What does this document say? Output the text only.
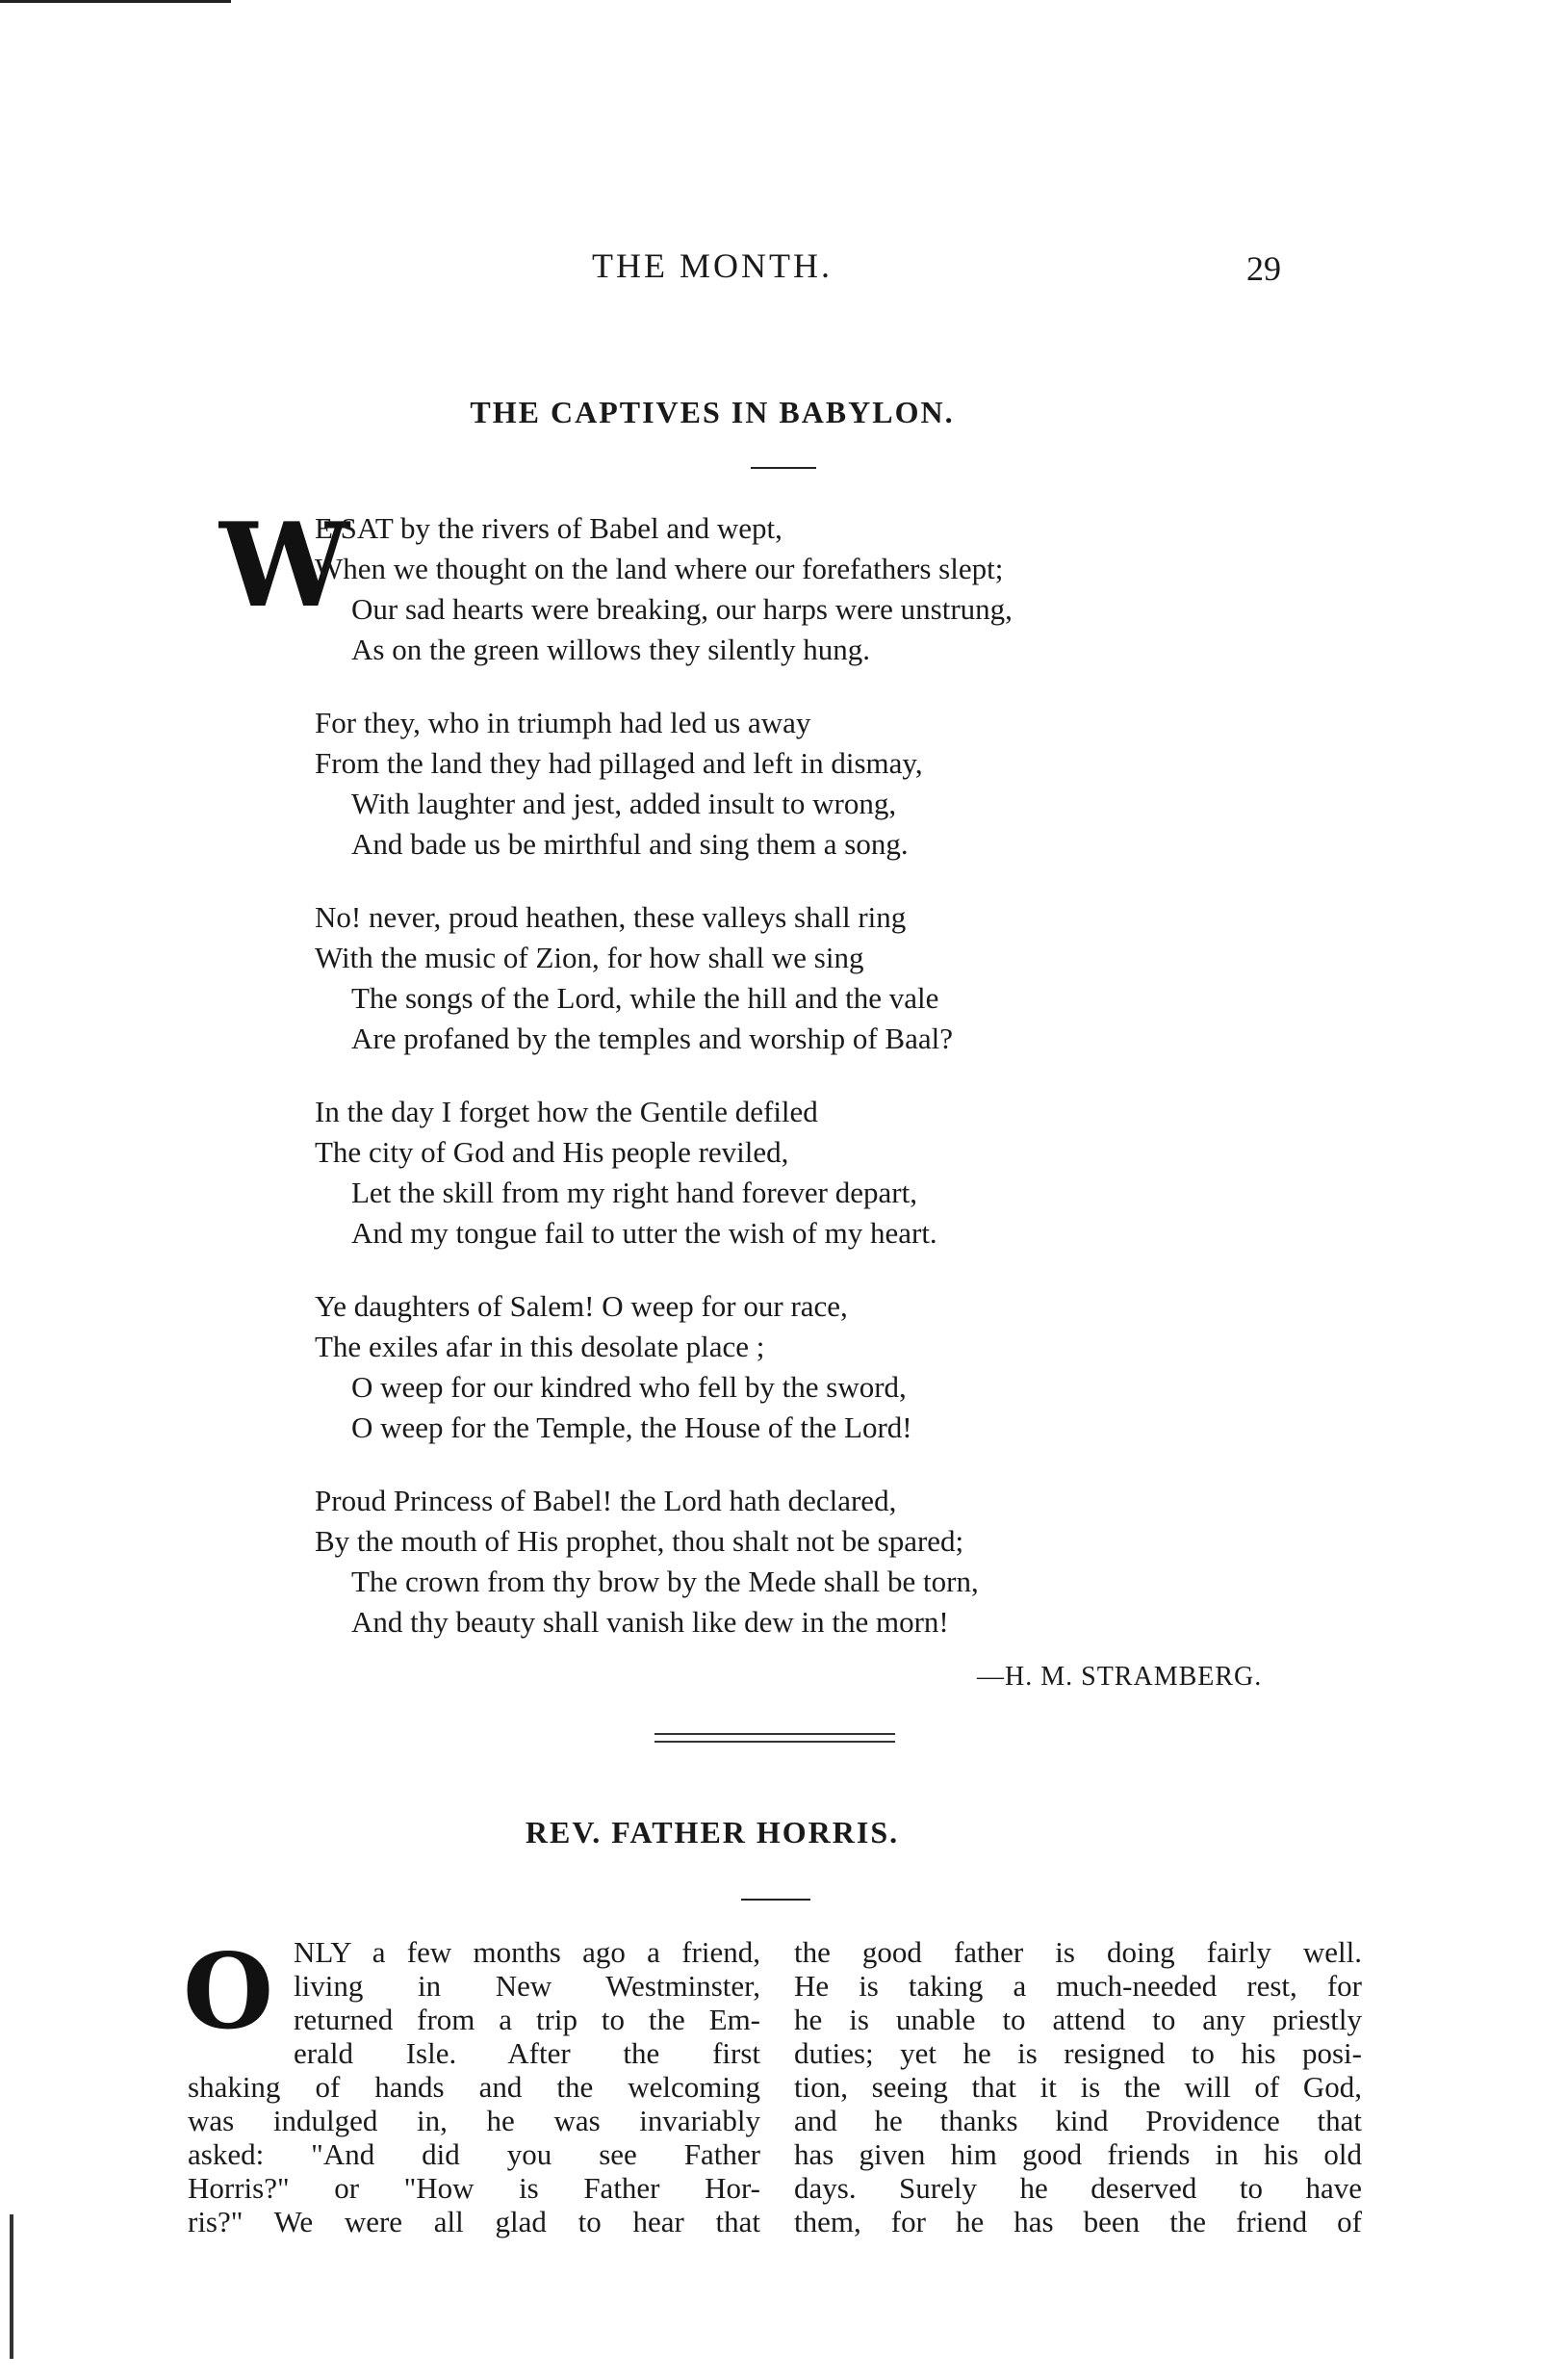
THE MONTH.	29
THE CAPTIVES IN BABYLON.
W
E SAT by the rivers of Babel and wept,
When we thought on the land where our forefathers slept;
Our sad hearts were breaking, our harps were unstrung,
As on the green willows they silently hung.
For they, who in triumph had led us away
From the land they had pillaged and left in dismay,
With laughter and jest, added insult to wrong,
And bade us be mirthful and sing them a song.
No! never, proud heathen, these valleys shall ring
With the music of Zion, for how shall we sing
The songs of the Lord, while the hill and the vale
Are profaned by the temples and worship of Baal?
In the day I forget how the Gentile defiled
The city of God and His people reviled,
Let the skill from my right hand forever depart,
And my tongue fail to utter the wish of my heart.
Ye daughters of Salem! O weep for our race,
The exiles afar in this desolate place ;
O weep for our kindred who fell by the sword,
O weep for the Temple, the House of the Lord!
Proud Princess of Babel! the Lord hath declared,
By the mouth of His prophet, thou shalt not be spared;
The crown from thy brow by the Mede shall be torn,
And thy beauty shall vanish like dew in the morn!
—H. M. STRAMBERG.
REV. FATHER HORRIS.
O NLY a few months ago a friend,
living in New Westminster,
returned from a trip to the Em-
erald Isle. After the first
shaking of hands and the welcoming
was indulged in, he was invariably
asked: "And did you see Father
Horris?" or "How is Father Hor-
ris?" We were all glad to hear that
the good father is doing fairly well.
He is taking a much-needed rest, for
he is unable to attend to any priestly
duties; yet he is resigned to his posi-
tion, seeing that it is the will of God,
and he thanks kind Providence that
has given him good friends in his old
days. Surely he deserved to have
them, for he has been the friend of
